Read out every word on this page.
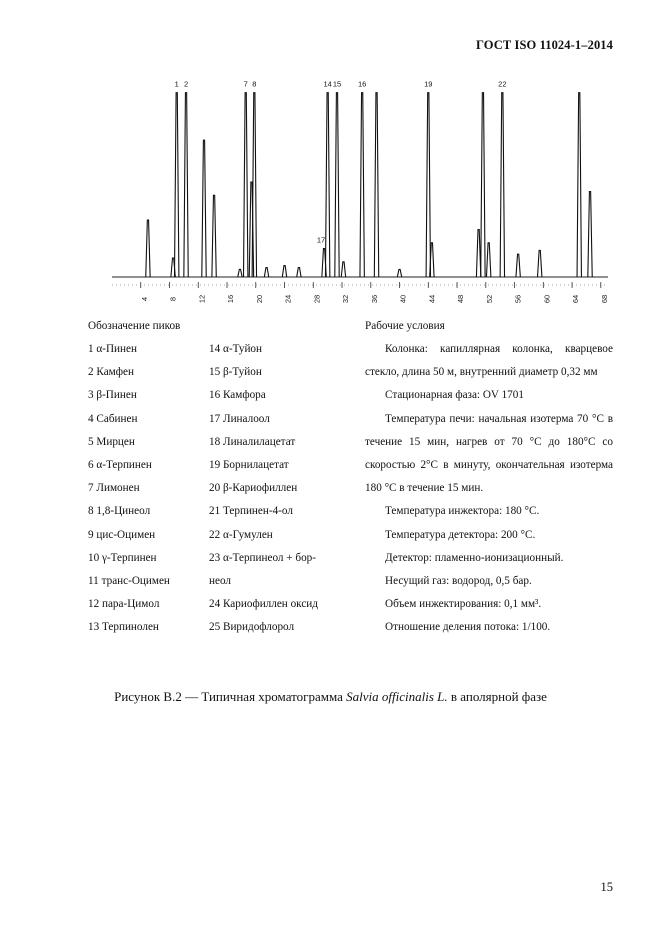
ГОСТ ISO 11024-1–2014
4	8	12	16	20	24	28	32	36	40	44	48	52	56	60	64	68
1 2	7 8
17
14 15 16	19	22
Обозначение пиков
1 α-Пинен
2 Камфен
3 β-Пинен
4 Сабинен
5 Мирцен
6 α-Терпинен
7 Лимонен
8 1,8-Цинеол
9 цис-Оцимен
10 γ-Терпинен
11 транс-Оцимен
12 пара-Цимол
13 Терпинолен
14 α-Туйон
15 β-Туйон
16 Камфора
17 Линалоол
18 Линалилацетат
19 Борнилацетат
20 β-Кариофиллен
21 Терпинен-4-ол
22 α-Гумулен
23 α-Терпинеол + бор-
неол
24 Кариофиллен оксид
25 Виридофлорол
Рабочие условия

Колонка: капиллярная колонка, кварцевое стекло, длина 50 м, внутренний диаметр 0,32 мм

Стационарная фаза: OV 1701

Температура печи: начальная изотерма 70 °С в течение 15 мин, нагрев от 70 °С до 180°С со скоростью 2°С в минуту, окончательная изотерма 180 °С в течение 15 мин.

Температура инжектора: 180 °С.

Температура детектора: 200 °С.

Детектор: пламенно-ионизационный.

Несущий газ: водород, 0,5 бар.

Объем инжектирования: 0,1 мм³.

Отношение деления потока: 1/100.

Рисунок В.2 — Типичная хроматограмма Salvia officinalis L. в аполярной фазе
15
